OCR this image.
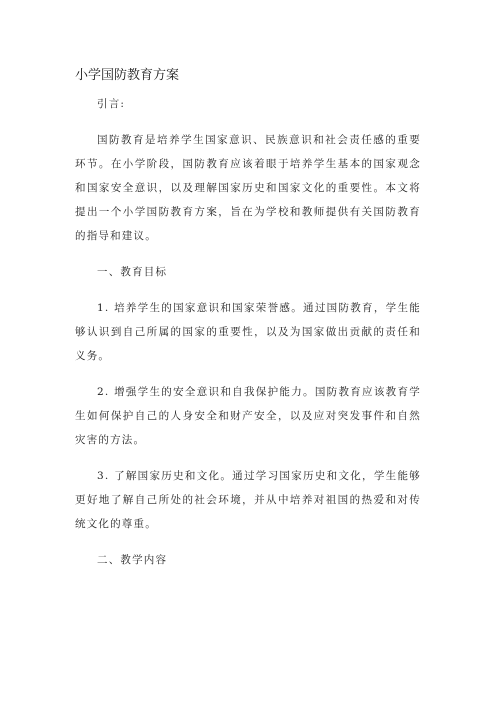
小学国防教育方案

引言:

国防教育是培养学生国家意识、民族意识和社会责任感的重要环节。在小学阶段，国防教育应该着眼于培养学生基本的国家观念和国家安全意识，以及理解国家历史和国家文化的重要性。本文将提出一个小学国防教育方案，旨在为学校和教师提供有关国防教育的指导和建议。

一、教育目标

1. 培养学生的国家意识和国家荣誉感。通过国防教育，学生能够认识到自己所属的国家的重要性，以及为国家做出贡献的责任和义务。

2. 增强学生的安全意识和自我保护能力。国防教育应该教育学生如何保护自己的人身安全和财产安全，以及应对突发事件和自然灾害的方法。

3. 了解国家历史和文化。通过学习国家历史和文化，学生能够更好地了解自己所处的社会环境，并从中培养对祖国的热爱和对传统文化的尊重。

二、教学内容
